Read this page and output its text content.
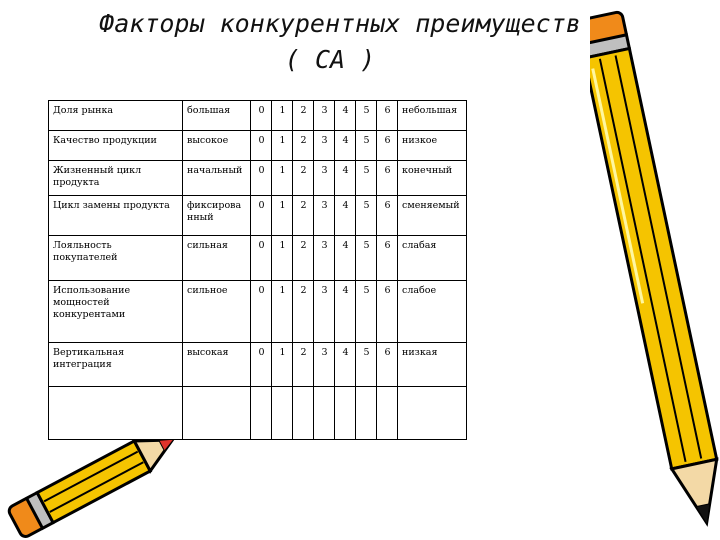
Факторы конкурентных преимуществ
( СА )
Доля рынка	большая	0	1	2	3	4	5	6	небольшая
Качество продукции	высокое	0	1	2	3	4	5	6	низкое
Жизненный цикл продукта	начальный	0	1	2	3	4	5	6	конечный
Цикл замены продукта	фиксированный	0	1	2	3	4	5	6	сменяемый
Лояльность покупателей	сильная	0	1	2	3	4	5	6	слабая
Использование мощностей конкурентами	сильное	0	1	2	3	4	5	6	слабое
Вертикальная интеграция	высокая	0	1	2	3	4	5	6	низкая
